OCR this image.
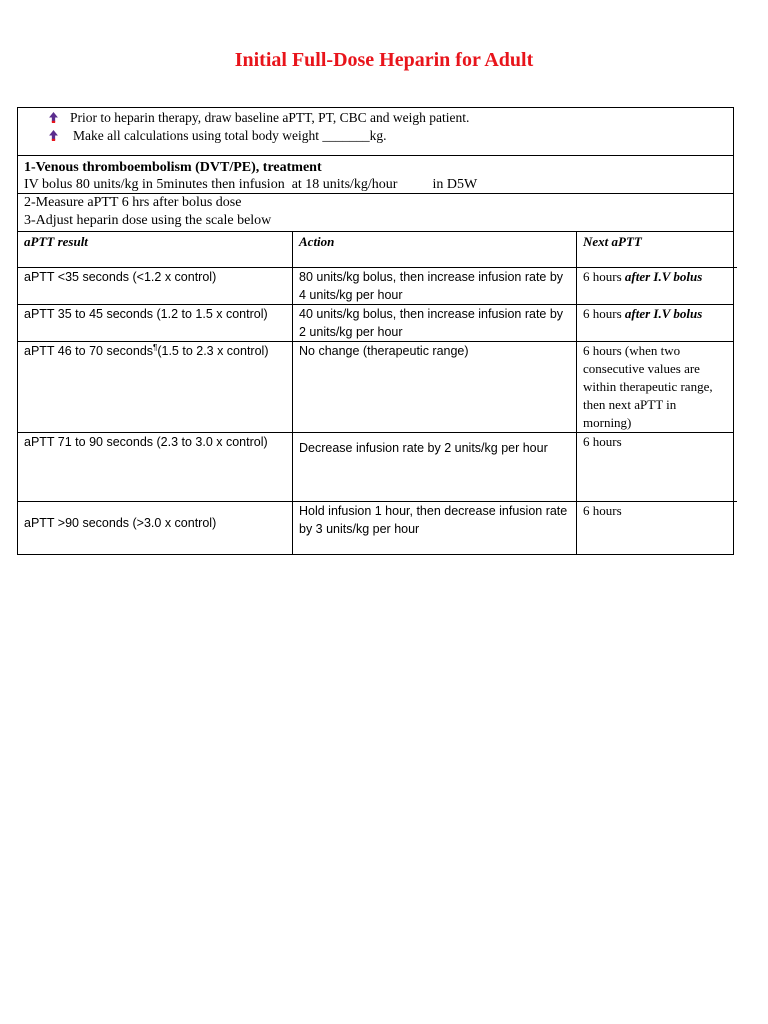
Initial Full-Dose Heparin for Adult
Prior to heparin therapy, draw baseline aPTT, PT, CBC and weigh patient.
Make all calculations using total body weight _______kg.
1-Venous thromboembolism (DVT/PE), treatment
IV bolus 80 units/kg in 5minutes then infusion  at 18 units/kg/hour          in D5W
2-Measure aPTT 6 hrs after bolus dose
3-Adjust heparin dose using the scale below
aPTT result	Action	Next aPTT
aPTT <35 seconds (<1.2 x control)	80 units/kg bolus, then increase infusion rate by 4 units/kg per hour	6 hours after I.V bolus
aPTT 35 to 45 seconds (1.2 to 1.5 x control)	40 units/kg bolus, then increase infusion rate by 2 units/kg per hour	6 hours after I.V bolus
aPTT 46 to 70 seconds¶(1.5 to 2.3 x control)	No change (therapeutic range)	6 hours (when two consecutive values are within therapeutic range, then next aPTT in morning)
aPTT 71 to 90 seconds (2.3 to 3.0 x control)	Decrease infusion rate by 2 units/kg per hour	6 hours
aPTT >90 seconds (>3.0 x control)	Hold infusion 1 hour, then decrease infusion rate by 3 units/kg per hour	6 hours
